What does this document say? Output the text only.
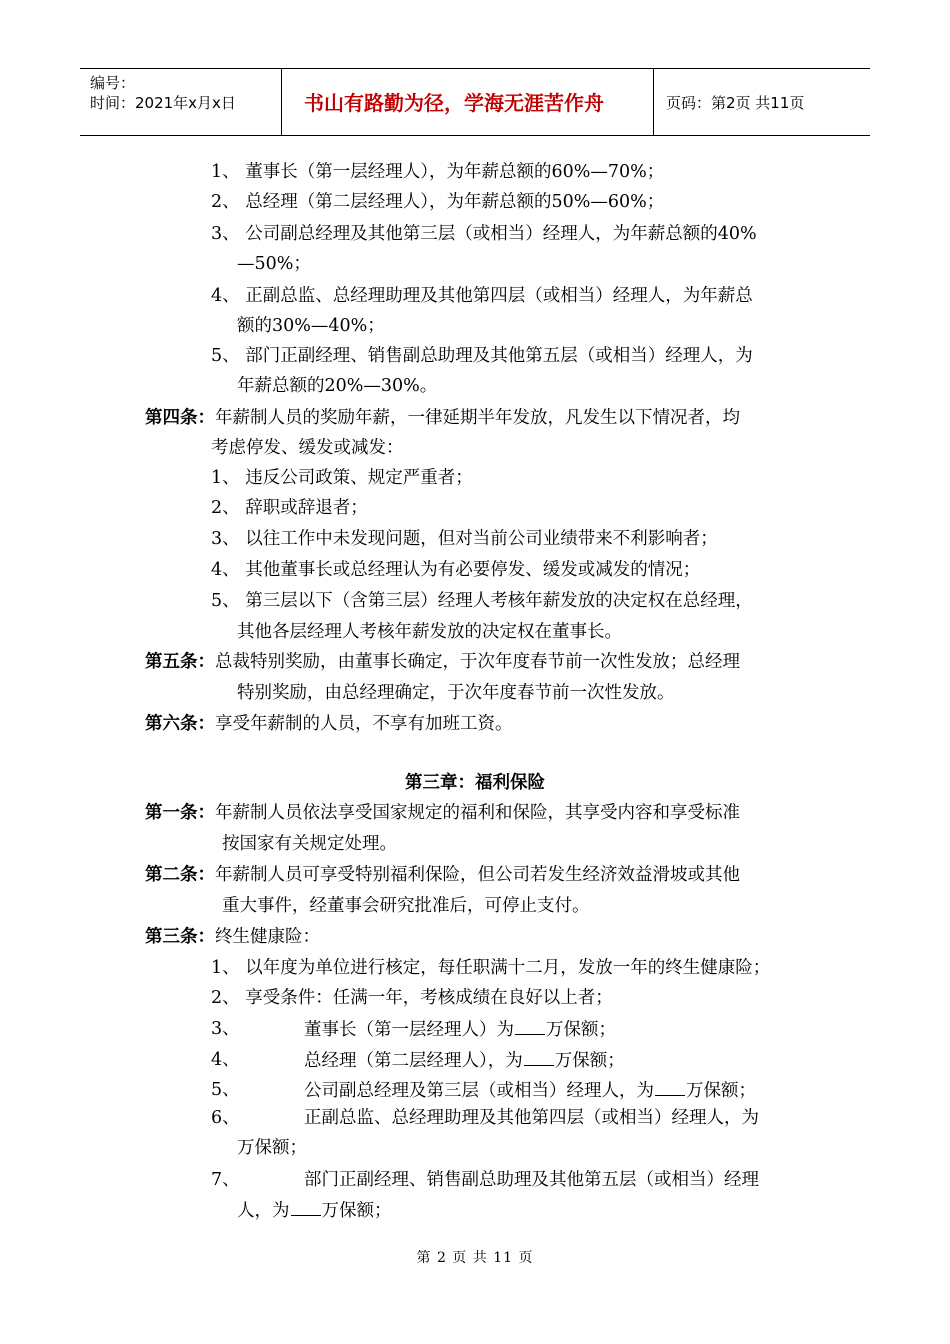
编号：
时间：2021年x月x日	书山有路勤为径，学海无涯苦作舟	页码：第2页 共11页
1、 董事长（第一层经理人），为年薪总额的60%—70%；
2、 总经理（第二层经理人），为年薪总额的50%—60%；
3、 公司副总经理及其他第三层（或相当）经理人，为年薪总额的40%
—50%；
4、 正副总监、总经理助理及其他第四层（或相当）经理人，为年薪总
额的30%—40%；
5、 部门正副经理、销售副总助理及其他第五层（或相当）经理人，为
年薪总额的20%—30%。
第四条：年薪制人员的奖励年薪，一律延期半年发放，凡发生以下情况者，均
考虑停发、缓发或减发：
1、 违反公司政策、规定严重者；
2、 辞职或辞退者；
3、 以往工作中未发现问题，但对当前公司业绩带来不利影响者；
4、 其他董事长或总经理认为有必要停发、缓发或减发的情况；
5、 第三层以下（含第三层）经理人考核年薪发放的决定权在总经理，
其他各层经理人考核年薪发放的决定权在董事长。
第五条：总裁特别奖励，由董事长确定，于次年度春节前一次性发放；总经理
特别奖励，由总经理确定，于次年度春节前一次性发放。
第六条：享受年薪制的人员，不享有加班工资。
第三章：福利保险
第一条：年薪制人员依法享受国家规定的福利和保险，其享受内容和享受标准
按国家有关规定处理。
第二条：年薪制人员可享受特别福利保险，但公司若发生经济效益滑坡或其他
重大事件，经董事会研究批准后，可停止支付。
第三条：终生健康险：
1、 以年度为单位进行核定，每任职满十二月，发放一年的终生健康险；
2、 享受条件：任满一年，考核成绩在良好以上者；
3、	董事长（第一层经理人）为 万保额；
4、	总经理（第二层经理人），为 万保额；
5、	公司副总经理及第三层（或相当）经理人，为 万保额；
6、	正副总监、总经理助理及其他第四层（或相当）经理人，为
万保额；
7、	部门正副经理、销售副总助理及其他第五层（或相当）经理
人，为 万保额；
第 2 页 共 11 页
